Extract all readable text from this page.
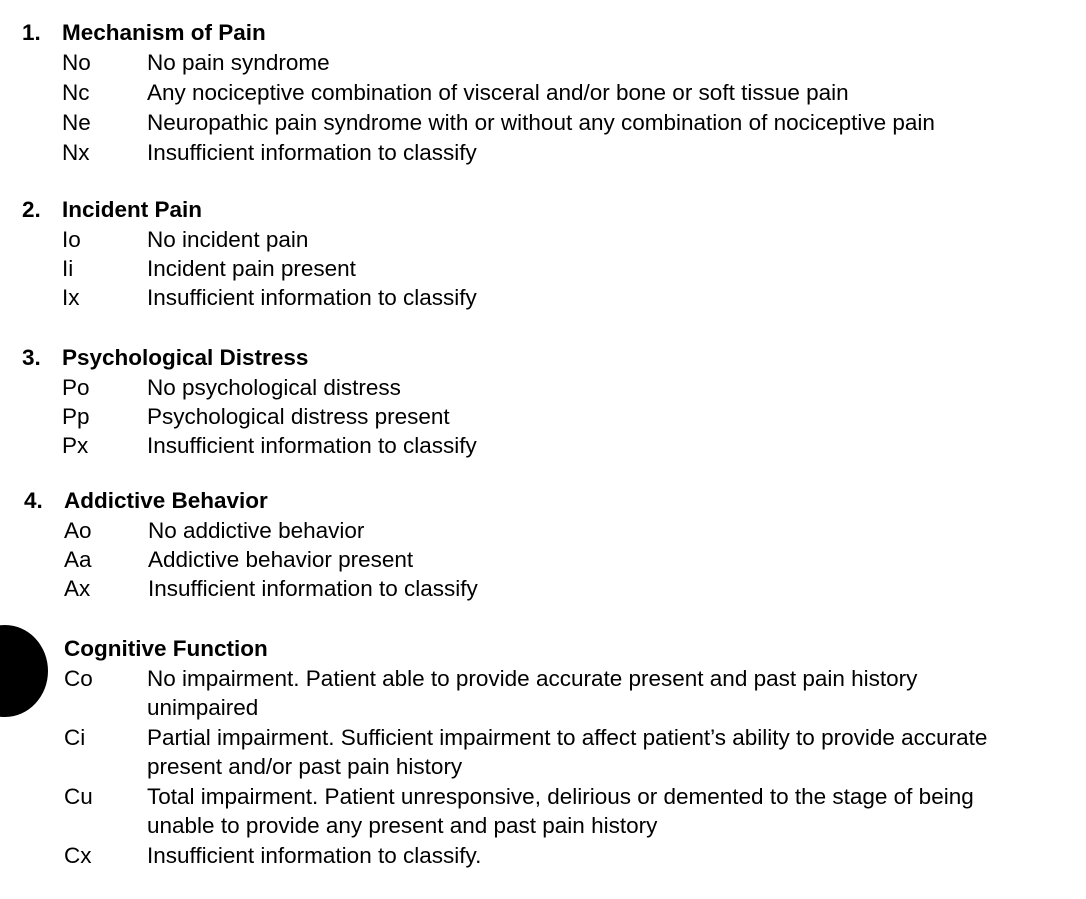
1. Mechanism of Pain
No No pain syndrome
Nc	Any nociceptive combination of visceral and/or bone or soft tissue pain
Ne Neuropathic pain syndrome with or without any combination of nociceptive pain
Nx	Insufficient information to classify
2. Incident Pain
Io	No incident pain
Ii	Incident pain present
Ix	Insufficient information to classify
3. Psychological Distress
Po	No psychological distress
Pp	Psychological distress present
Px	Insufficient information to classify
4. Addictive Behavior
Ao	No addictive behavior
Aa	Addictive behavior present
Ax	Insufficient information to classify
Cognitive Function
Co No impairment. Patient able to provide accurate present and past pain history unimpaired
Ci	Partial impairment. Sufficient impairment to affect patient’s ability to provide accurate present and/or past pain history
Cu Total impairment. Patient unresponsive, delirious or demented to the stage of being unable to provide any present and past pain history
Cx Insufficient information to classify.
